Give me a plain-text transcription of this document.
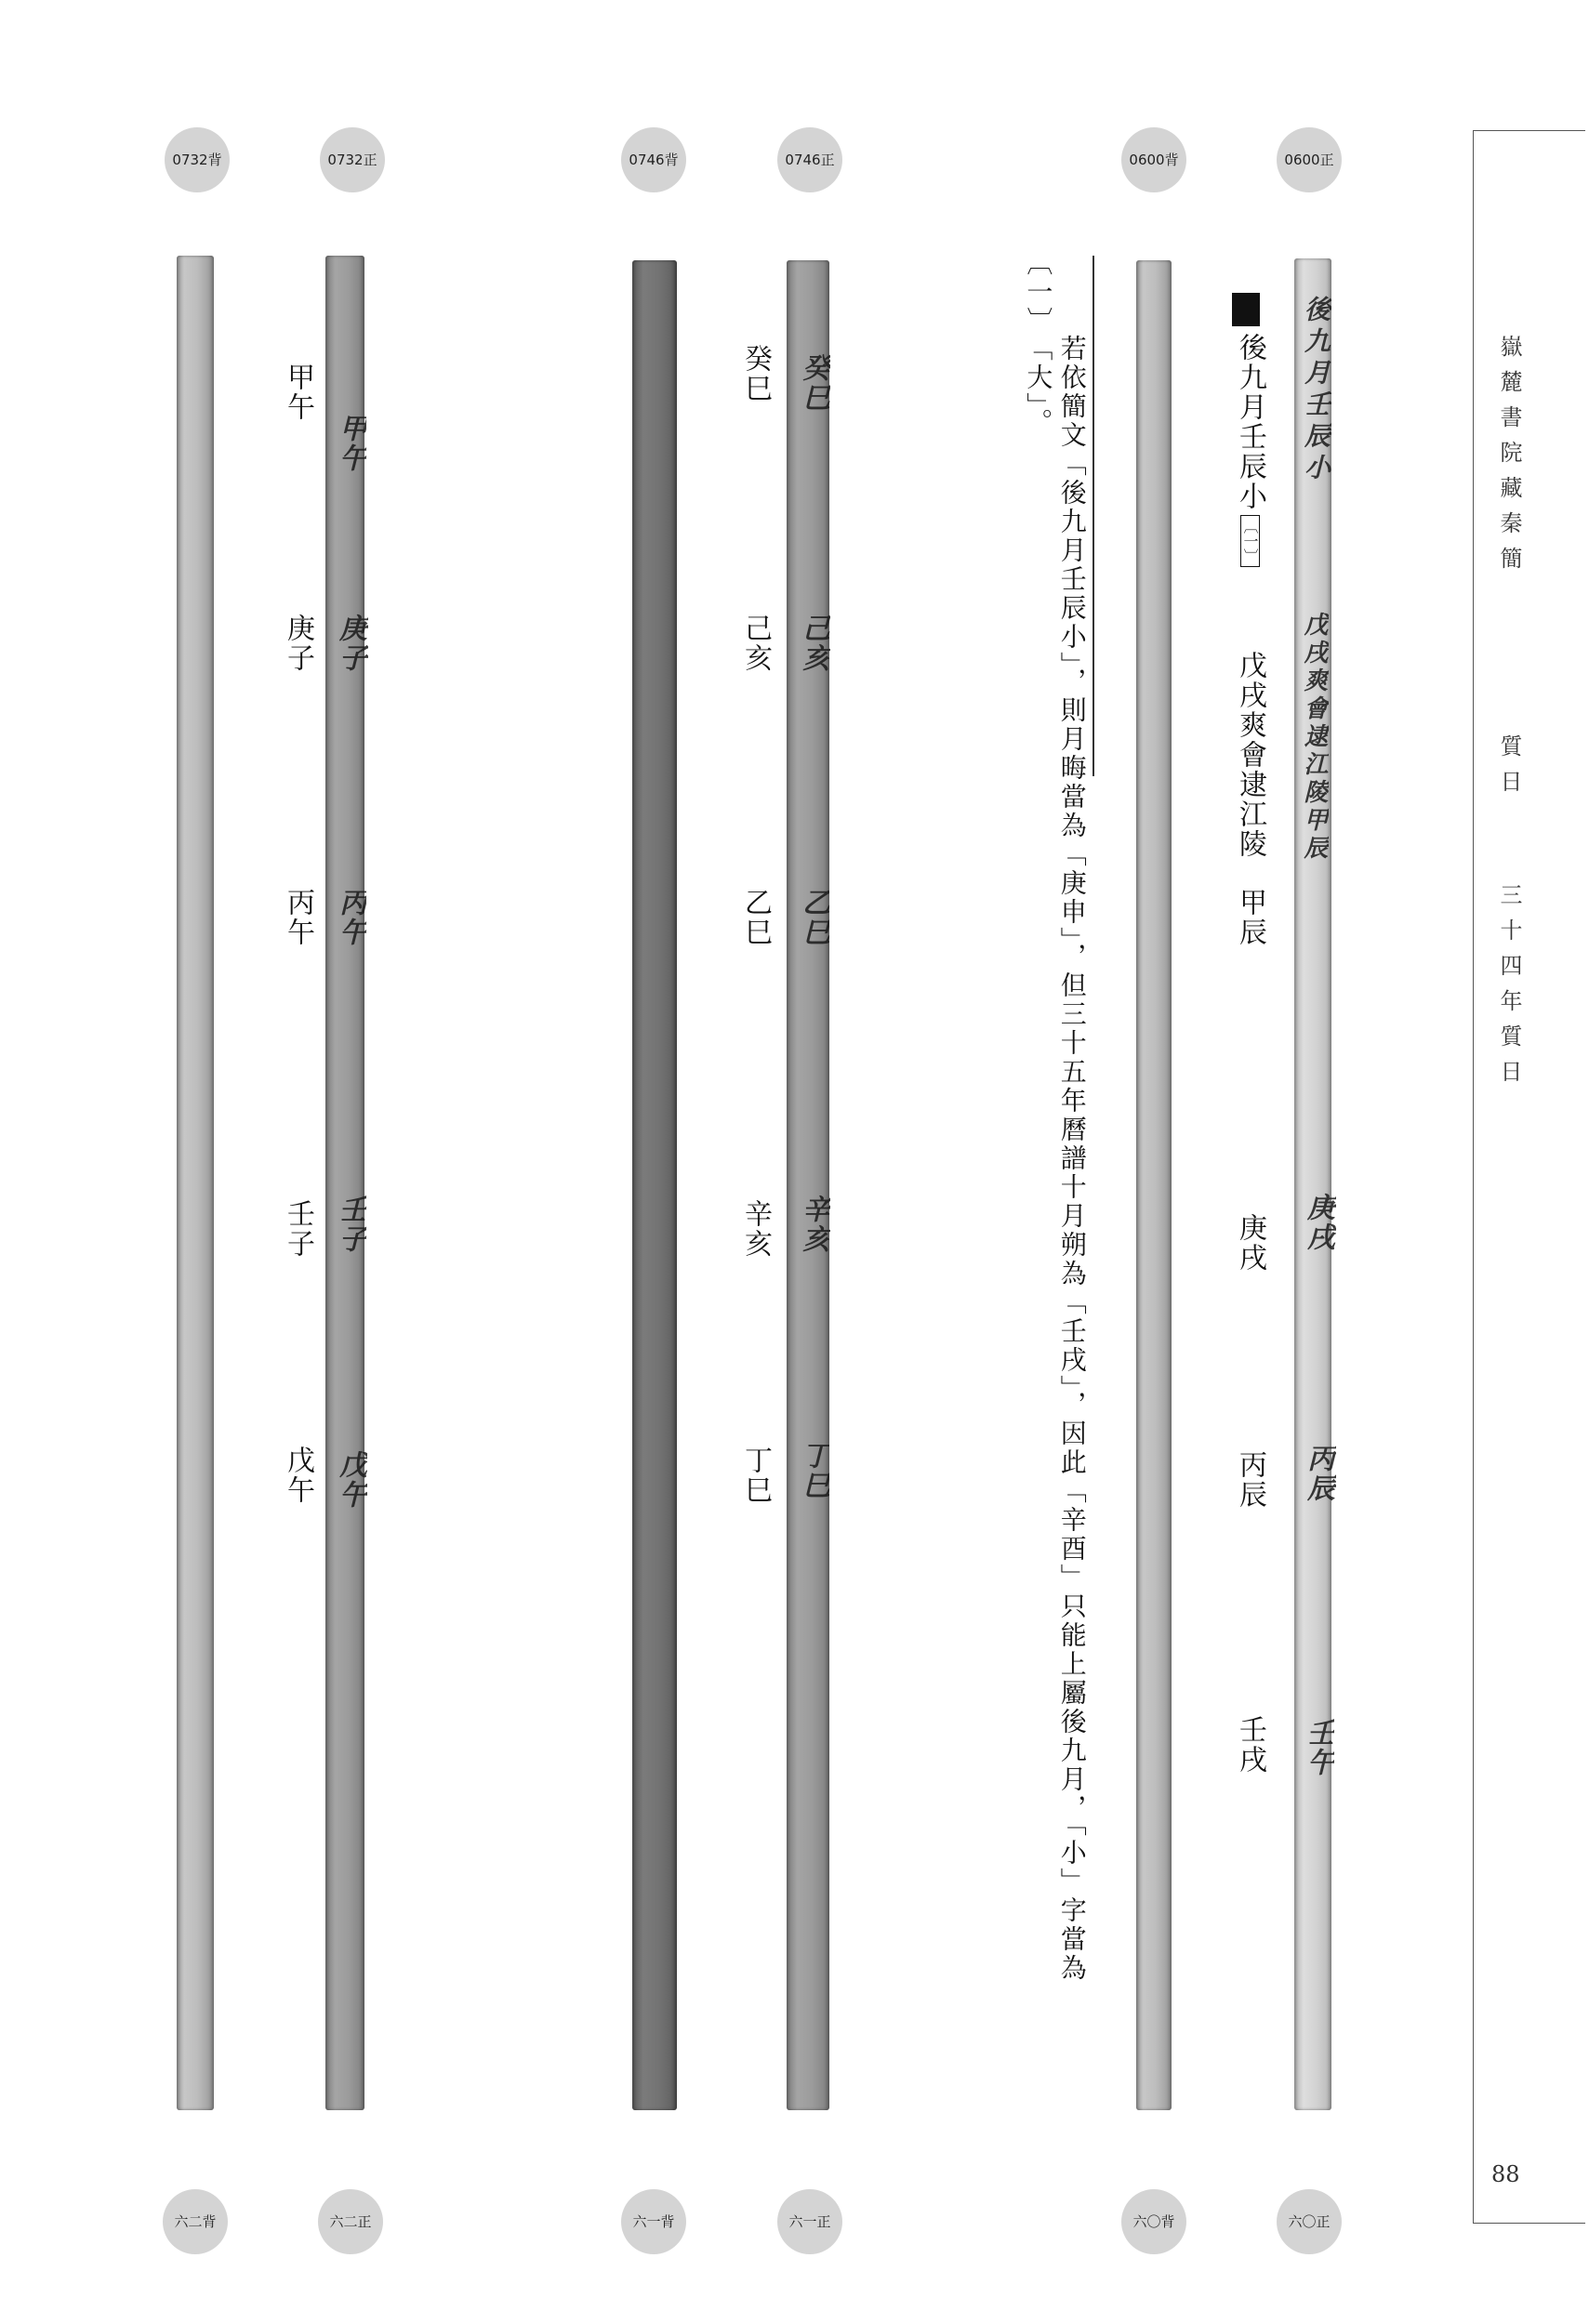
0732背	0732正	0746背	0746正	0600背	0600正
甲午
庚子
丙午
壬子
戊午
癸巳
己亥
乙巳
辛亥
丁巳
後九月壬辰小
戊戌爽會逮江陵甲辰
庚戌
丙辰
壬午
甲午
庚子
丙午
壬子
戊午
癸巳
己亥
乙巳
辛亥
丁巳
後九月壬辰小〔一〕
戊戌爽會逮江陵
甲辰
庚戌
丙辰
壬戌
〔一〕
若依簡文「後九月壬辰小」，則月晦當為「庚申」，但三十五年曆譜十月朔為「壬戌」，因此「辛酉」只能上屬後九月，「小」字當為「大」。
六二背	六二正	六一背	六一正	六〇背	六〇正
嶽麓書院藏秦簡
質日
三十四年質日
88
